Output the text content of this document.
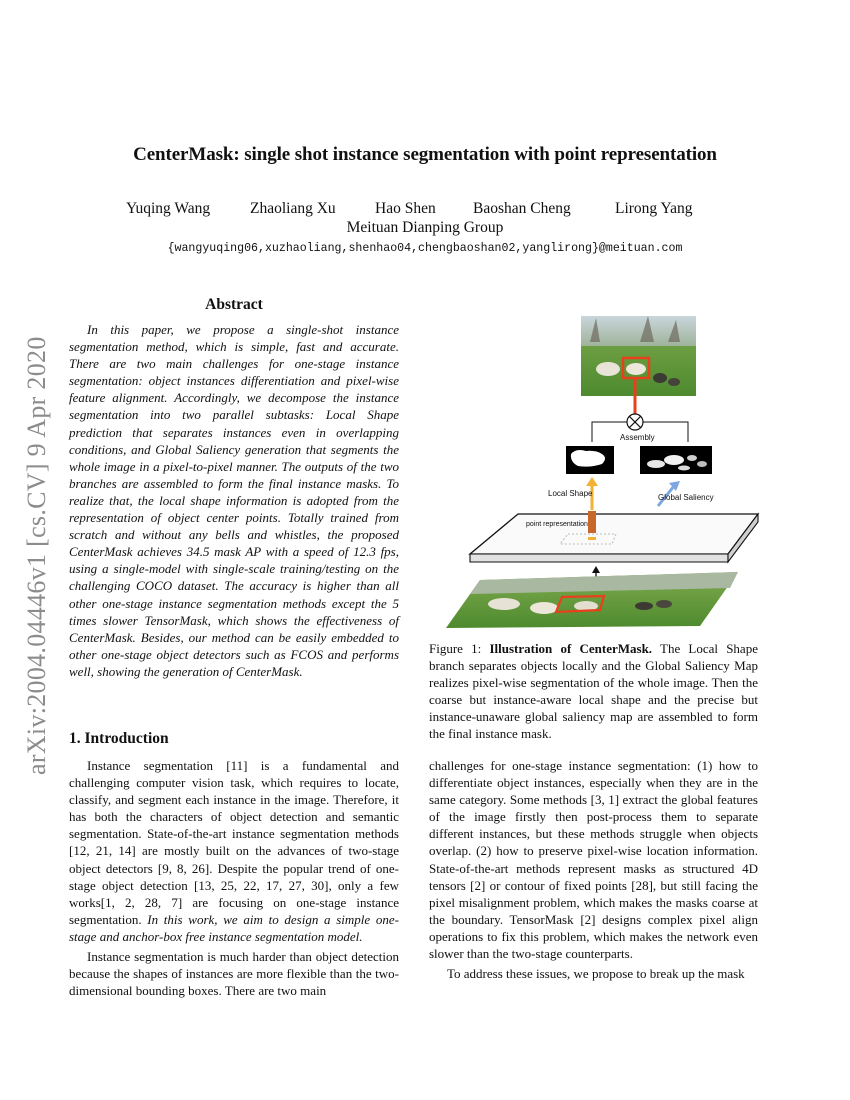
arXiv:2004.04446v1 [cs.CV] 9 Apr 2020
CenterMask: single shot instance segmentation with point representation
Yuqing Wang	Zhaoliang Xu	Hao Shen Baoshan Cheng	Lirong Yang
Meituan Dianping Group
{wangyuqing06,xuzhaoliang,shenhao04,chengbaoshan02,yanglirong}@meituan.com
Abstract
In this paper, we propose a single-shot instance segmentation method, which is simple, fast and accurate. There are two main challenges for one-stage instance segmentation: object instances differentiation and pixel-wise feature alignment. Accordingly, we decompose the instance segmentation into two parallel subtasks: Local Shape prediction that separates instances even in overlapping conditions, and Global Saliency generation that segments the whole image in a pixel-to-pixel manner. The outputs of the two branches are assembled to form the final instance masks. To realize that, the local shape information is adopted from the representation of object center points. Totally trained from scratch and without any bells and whistles, the proposed CenterMask achieves 34.5 mask AP with a speed of 12.3 fps, using a single-model with single-scale training/testing on the challenging COCO dataset. The accuracy is higher than all other one-stage instance segmentation methods except the 5 times slower TensorMask, which shows the effectiveness of CenterMask. Besides, our method can be easily embedded to other one-stage object detectors such as FCOS and performs well, showing the generation of CenterMask.
1. Introduction

Instance segmentation [11] is a fundamental and challenging computer vision task, which requires to locate, classify, and segment each instance in the image. Therefore, it has both the characters of object detection and semantic segmentation. State-of-the-art instance segmentation methods [12, 21, 14] are mostly built on the advances of two-stage object detectors [9, 8, 26]. Despite the popular trend of one-stage object detection [13, 25, 22, 17, 27, 30], only a few works[1, 2, 28, 7] are focusing on one-stage instance segmentation. In this work, we aim to design a simple one-stage and anchor-box free instance segmentation model.

Instance segmentation is much harder than object detection because the shapes of instances are more flexible than the two-dimensional bounding boxes. There are two main

Assembly
Local Shape	Global Saliency
point representation
Figure 1: Illustration of CenterMask. The Local Shape branch separates objects locally and the Global Saliency Map realizes pixel-wise segmentation of the whole image. Then the coarse but instance-aware local shape and the precise but instance-unaware global saliency map are assembled to form the final instance mask.

challenges for one-stage instance segmentation: (1) how to differentiate object instances, especially when they are in the same category. Some methods [3, 1] extract the global features of the image firstly then post-process them to separate different instances, but these methods struggle when objects overlap. (2) how to preserve pixel-wise location information. State-of-the-art methods represent masks as structured 4D tensors [2] or contour of fixed points [28], but still facing the pixel misalignment problem, which makes the masks coarse at the boundary. TensorMask [2] designs complex pixel align operations to fix this problem, which makes the network even slower than the two-stage counterparts.

To address these issues, we propose to break up the mask
